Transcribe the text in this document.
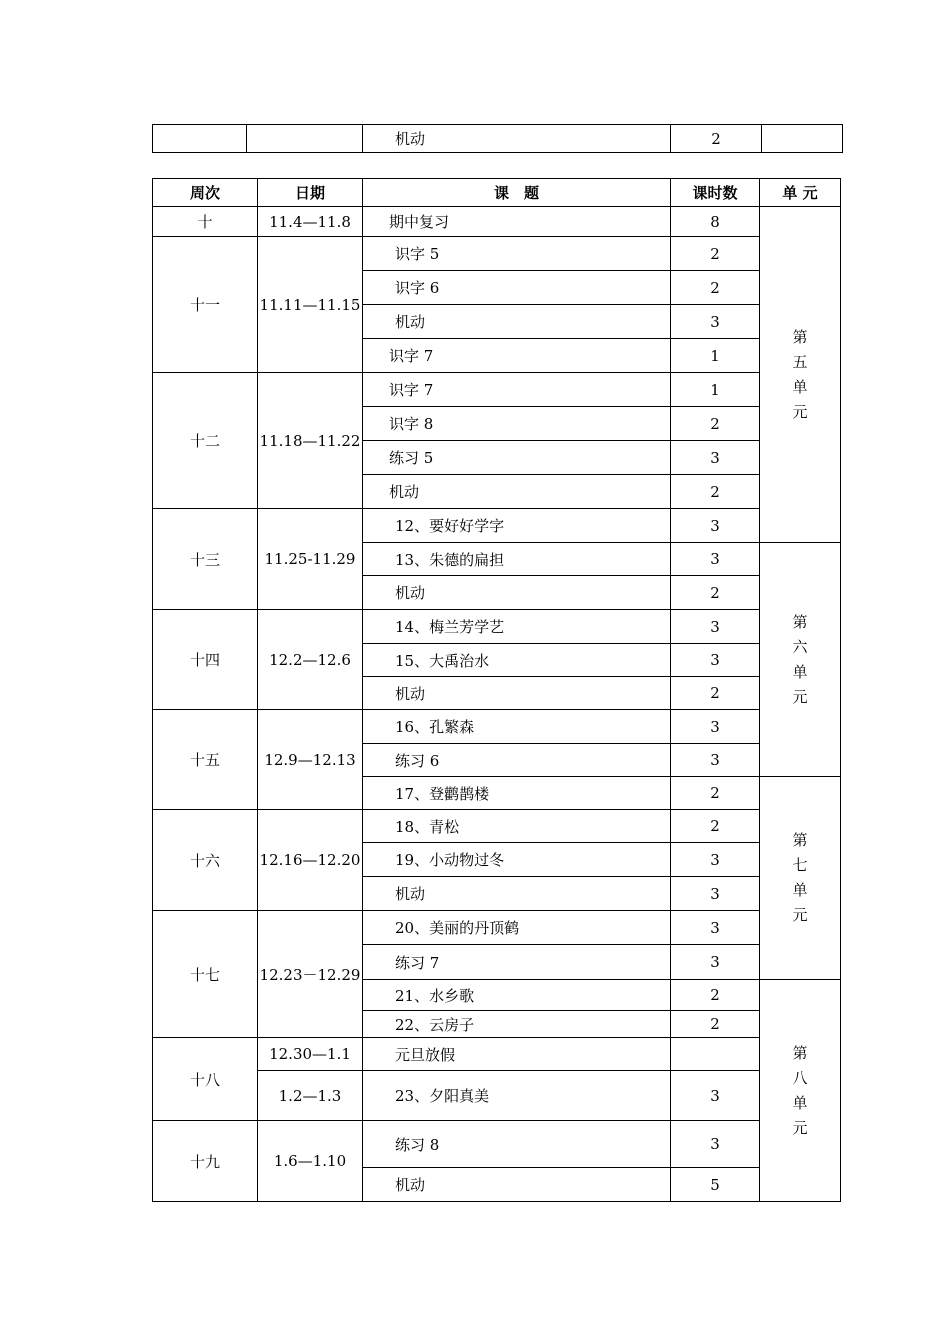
		机动	2	
周次	日期	课　题	课时数	单 元
十	11.4—11.8	期中复习	8	第
五
单
元

十一	11.11—11.15	识字 5	2	
		识字 6	2	
		机动	3	
		识字 7	1	
十二	11.18—11.22	识字 7	1	
		识字 8	2	
		练习 5	3	
		机动	2	
十三	11.25-11.29	12、要好好学字	3	
		13、朱德的扁担	3	第
六
单
元

		机动	2	
十四	12.2—12.6	14、梅兰芳学艺	3	
		15、大禹治水	3	
		机动	2	
十五	12.9—12.13	16、孔繁森	3	
		练习 6	3	
		17、登鹳鹊楼	2	第
七
单
元

十六	12.16—12.20	18、青松	2	
		19、小动物过冬	3	
		机动	3	
十七	12.23－12.29	20、美丽的丹顶鹤	3	
		练习 7	3	
		21、水乡歌	2	第
八
单
元

		22、云房子	2	
十八	12.30—1.1	元旦放假		
	1.2—1.3	23、夕阳真美	3	
十九	1.6—1.10	练习 8	3	
		机动	5	
